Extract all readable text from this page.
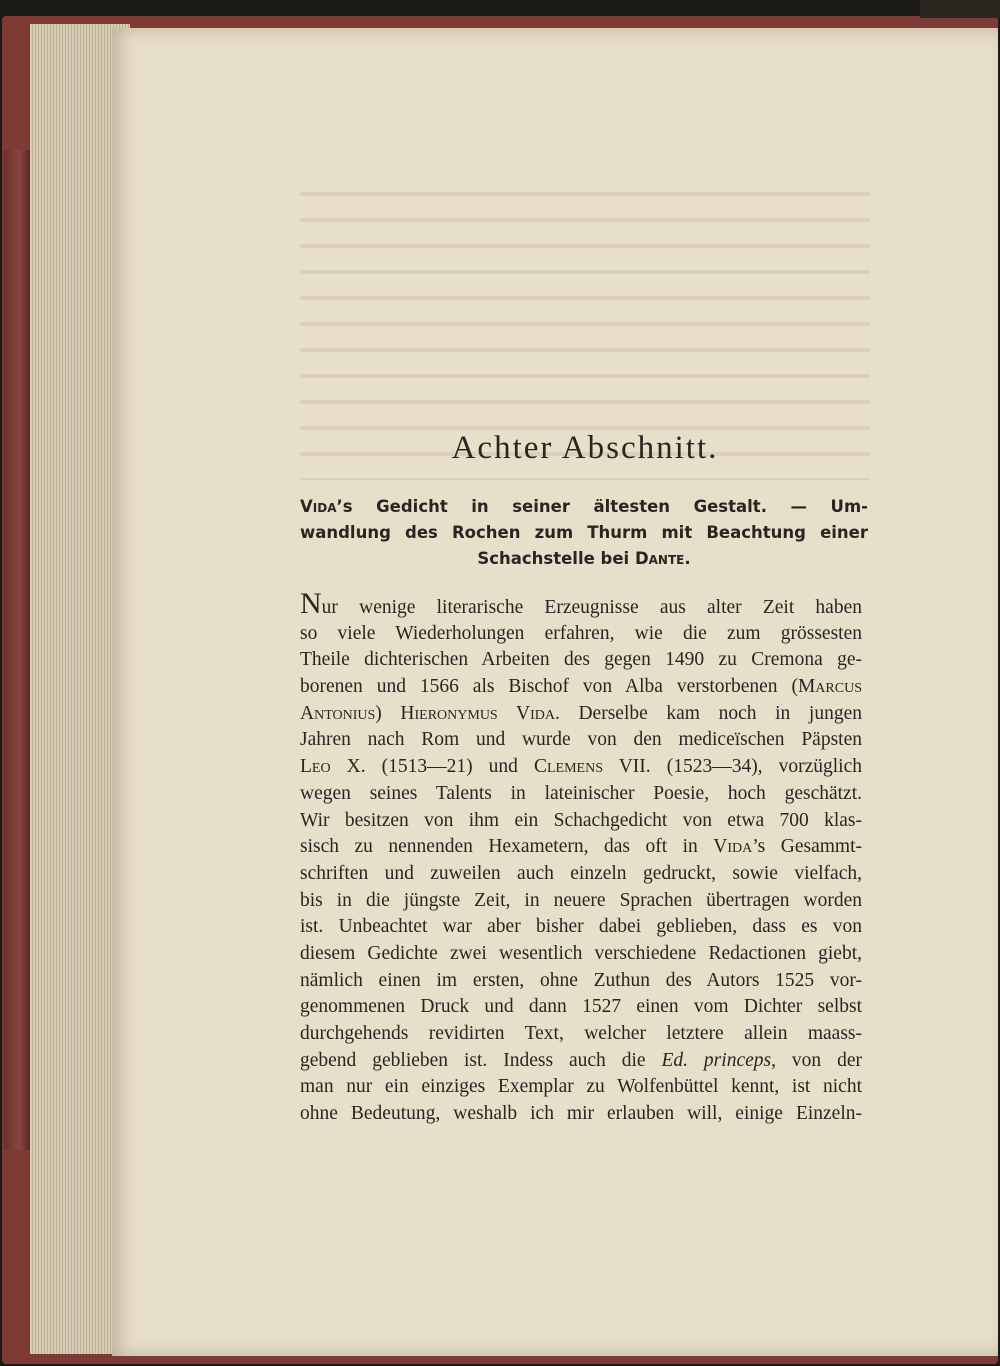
Achter Abschnitt.
Vida’s Gedicht in seiner ältesten Gestalt. — Um-
wandlung des Rochen zum Thurm mit Beachtung einer
Schachstelle bei Dante.
Nur wenige literarische Erzeugnisse aus alter Zeit haben
so viele Wiederholungen erfahren, wie die zum grössesten
Theile dichterischen Arbeiten des gegen 1490 zu Cremona ge-
borenen und 1566 als Bischof von Alba verstorbenen (Marcus
Antonius) Hieronymus Vida. Derselbe kam noch in jungen
Jahren nach Rom und wurde von den mediceïschen Päpsten
Leo X. (1513—21) und Clemens VII. (1523—34), vorzüglich
wegen seines Talents in lateinischer Poesie, hoch geschätzt.
Wir besitzen von ihm ein Schachgedicht von etwa 700 klas-
sisch zu nennenden Hexametern, das oft in Vida’s Gesammt-
schriften und zuweilen auch einzeln gedruckt, sowie vielfach,
bis in die jüngste Zeit, in neuere Sprachen übertragen worden
ist. Unbeachtet war aber bisher dabei geblieben, dass es von
diesem Gedichte zwei wesentlich verschiedene Redactionen giebt,
nämlich einen im ersten, ohne Zuthun des Autors 1525 vor-
genommenen Druck und dann 1527 einen vom Dichter selbst
durchgehends revidirten Text, welcher letztere allein maass-
gebend geblieben ist. Indess auch die Ed. princeps, von der
man nur ein einziges Exemplar zu Wolfenbüttel kennt, ist nicht
ohne Bedeutung, weshalb ich mir erlauben will, einige Einzeln-
